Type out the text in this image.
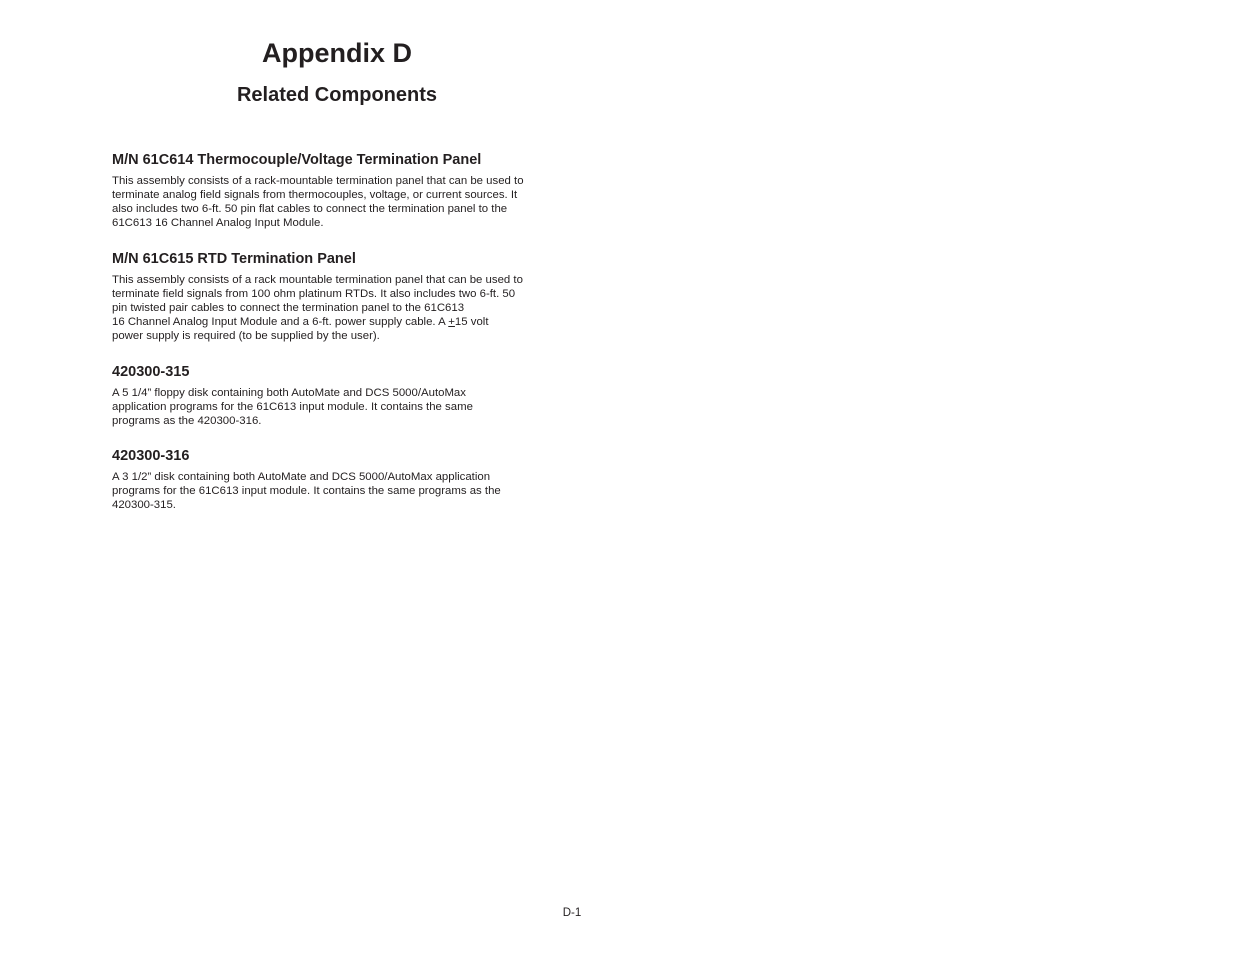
Appendix D
Related Components
M/N 61C614 Thermocouple/Voltage Termination Panel

This assembly consists of a rack-mountable termination panel that can be used to
terminate analog field signals from thermocouples, voltage, or current sources. It
also includes two 6-ft. 50 pin flat cables to connect the termination panel to the
61C613 16 Channel Analog Input Module.

M/N 61C615 RTD Termination Panel

This assembly consists of a rack mountable termination panel that can be used to
terminate field signals from 100 ohm platinum RTDs. It also includes two 6-ft. 50
pin twisted pair cables to connect the termination panel to the 61C613
16 Channel Analog Input Module and a 6-ft. power supply cable. A +15 volt
power supply is required (to be supplied by the user).

420300-315

A 5 1/4” floppy disk containing both AutoMate and DCS 5000/AutoMax
application programs for the 61C613 input module. It contains the same
programs as the 420300-316.

420300-316

A 3 1/2” disk containing both AutoMate and DCS 5000/AutoMax application
programs for the 61C613 input module. It contains the same programs as the
420300-315.

D-1
